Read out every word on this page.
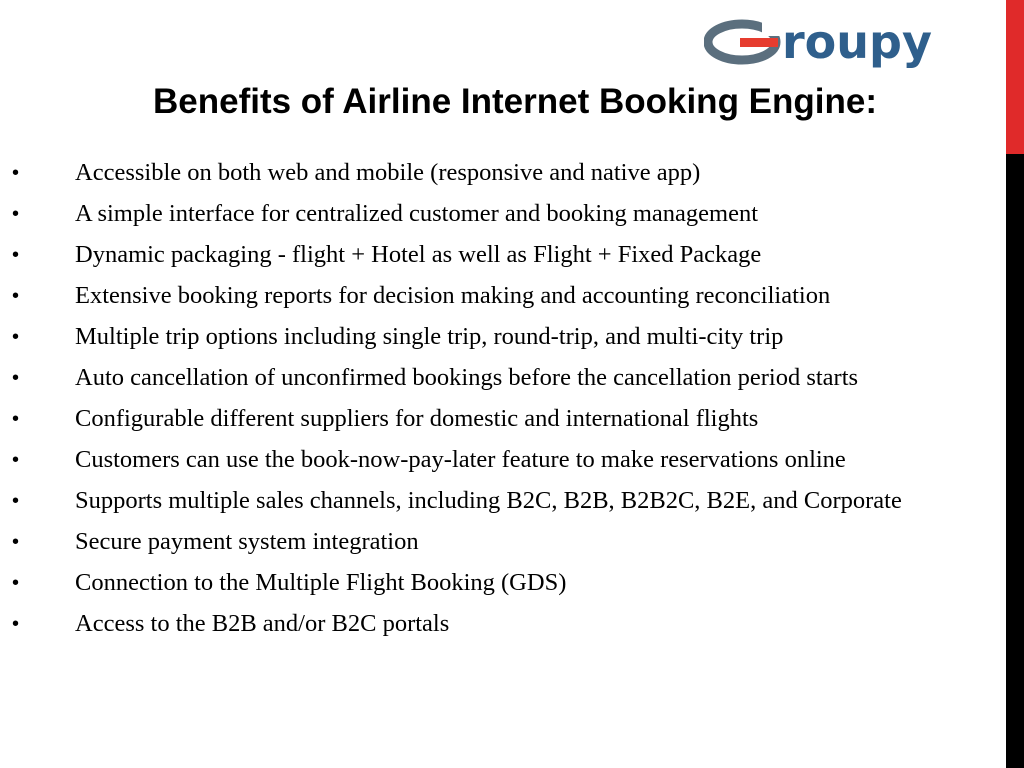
roupy
Benefits of Airline Internet Booking Engine:
• Accessible on both web and mobile (responsive and native app)
• A simple interface for centralized customer and booking management
• Dynamic packaging - flight + Hotel as well as Flight + Fixed Package
• Extensive booking reports for decision making and accounting reconciliation
• Multiple trip options including single trip, round-trip, and multi-city trip
• Auto cancellation of unconfirmed bookings before the cancellation period starts
• Configurable different suppliers for domestic and international flights
• Customers can use the book-now-pay-later feature to make reservations online
• Supports multiple sales channels, including B2C, B2B, B2B2C, B2E, and Corporate
• Secure payment system integration
• Connection to the Multiple Flight Booking (GDS)
• Access to the B2B and/or B2C portals
